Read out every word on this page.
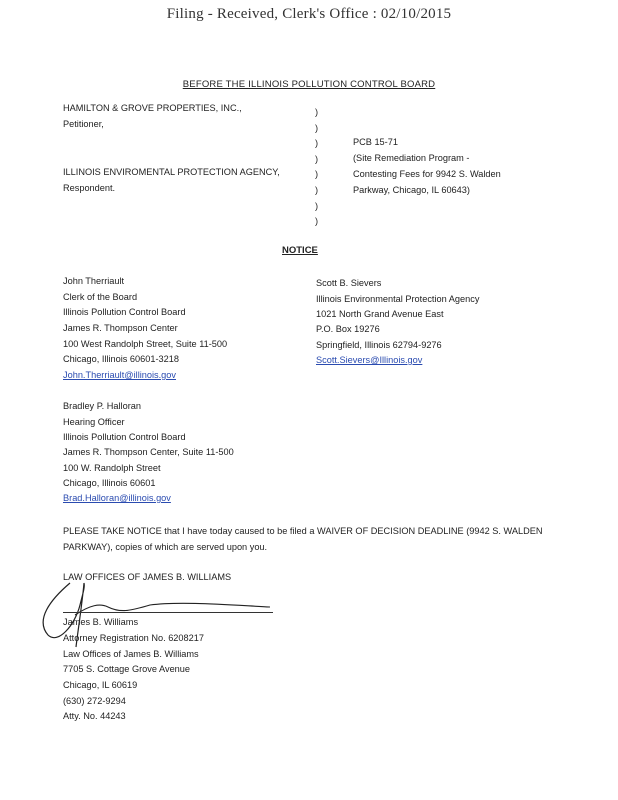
Filing - Received, Clerk's Office : 02/10/2015
BEFORE THE ILLINOIS POLLUTION CONTROL BOARD
HAMILTON & GROVE PROPERTIES, INC.,
Petitioner,
ILLINOIS ENVIROMENTAL PROTECTION AGENCY,
Respondent.
)
)
)
)
)
)
)
)
PCB 15-71
(Site Remediation Program -
Contesting Fees for 9942 S. Walden
Parkway, Chicago, IL 60643)
NOTICE
John Therriault
Clerk of the Board
Illinois Pollution Control Board
James R. Thompson Center
100 West Randolph Street, Suite 11-500
Chicago, Illinois 60601-3218
John.Therriault@illinois.gov
Scott B. Sievers
Illinois Environmental Protection Agency
1021 North Grand Avenue East
P.O. Box 19276
Springfield, Illinois 62794-9276
Scott.Sievers@Illinois.gov
Bradley P. Halloran
Hearing Officer
Illinois Pollution Control Board
James R. Thompson Center, Suite 11-500
100 W. Randolph Street
Chicago, Illinois 60601
Brad.Halloran@illinois.gov
PLEASE TAKE NOTICE that I have today caused to be filed a WAIVER OF DECISION DEADLINE (9942 S. WALDEN PARKWAY), copies of which are served upon you.
LAW OFFICES OF JAMES B. WILLIAMS
James B. Williams
Attorney Registration No. 6208217
Law Offices of James B. Williams
7705 S. Cottage Grove Avenue
Chicago, IL 60619
(630) 272-9294
Atty. No. 44243
